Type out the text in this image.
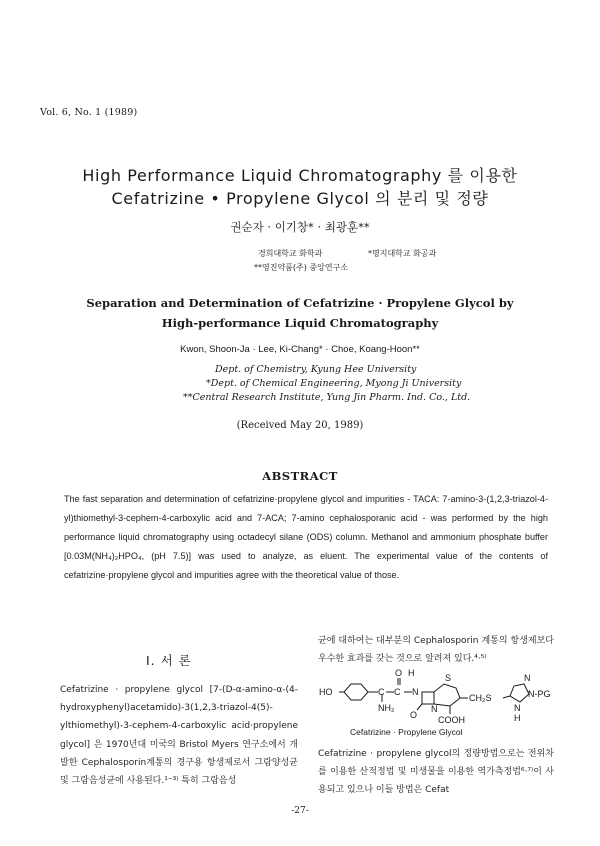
Vol. 6, No. 1 (1989)
High Performance Liquid Chromatography 를 이용한
Cefatrizine • Propylene Glycol 의 분리 및 정량
권순자 · 이기창* · 최광훈**
경희대학교 화학과	*명지대학교 화공과
**영진약품(주) 중앙연구소
Separation and Determination of Cefatrizine · Propylene Glycol by
High-performance Liquid Chromatography
Kwon, Shoon-Ja · Lee, Ki-Chang* · Choe, Koang-Hoon**
Dept. of Chemistry, Kyung Hee University
*Dept. of Chemical Engineering, Myong Ji University
**Central Research Institute, Yung Jin Pharm. Ind. Co., Ltd.
(Received May 20, 1989)
ABSTRACT
The fast separation and determination of cefatrizine·propylene glycol and impurities - TACA: 7-amino-3-(1,2,3-triazol-4-yl)thiomethyl-3-cephem-4-carboxylic acid and 7-ACA; 7-amino cephalosporanic acid - was performed by the high performance liquid chromatography using octadecyl silane (ODS) column. Methanol and ammonium phosphate buffer [0.03M(NH₄)₂HPO₄, (pH 7.5)] was used to analyze, as eluent. The experimental value of the contents of cefatrizine·propylene glycol and impurities agree with the theoretical value of those.
I. 서 론
Cefatrizine · propylene glycol [7-(D-α-amino-α-(4-hydroxyphenyl)acetamido)-3(1,2,3-triazol-4(5)-ylthiomethyl)-3-cephem-4-carboxylic acid·propylene glycol] 은 1970년대 미국의 Bristol Myers 연구소에서 개발한 Cephalosporin계통의 경구용 항생제로서 그람양성균 및 그람음성균에 사용된다.¹⁻³⁾ 특히 그람음성
균에 대하여는 대부분의 Cephalosporin 계통의 항생제보다 우수한 효과를 갖는 것으로 알려져 있다.⁴·⁵⁾
HO	C
NH₂
C
O H
N
O
N
S
COOH
CH₂S
N
N-PG
N
H
Cefatrizine · Propylene Glycol
Cefatrizine · propylene glycol의 정량방법으로는 전위차를 이용한 산적정법 및 미생물을 이용한 역가측정법⁶·⁷⁾이 사용되고 있으나 이들 방법은 Cefat
-27-
